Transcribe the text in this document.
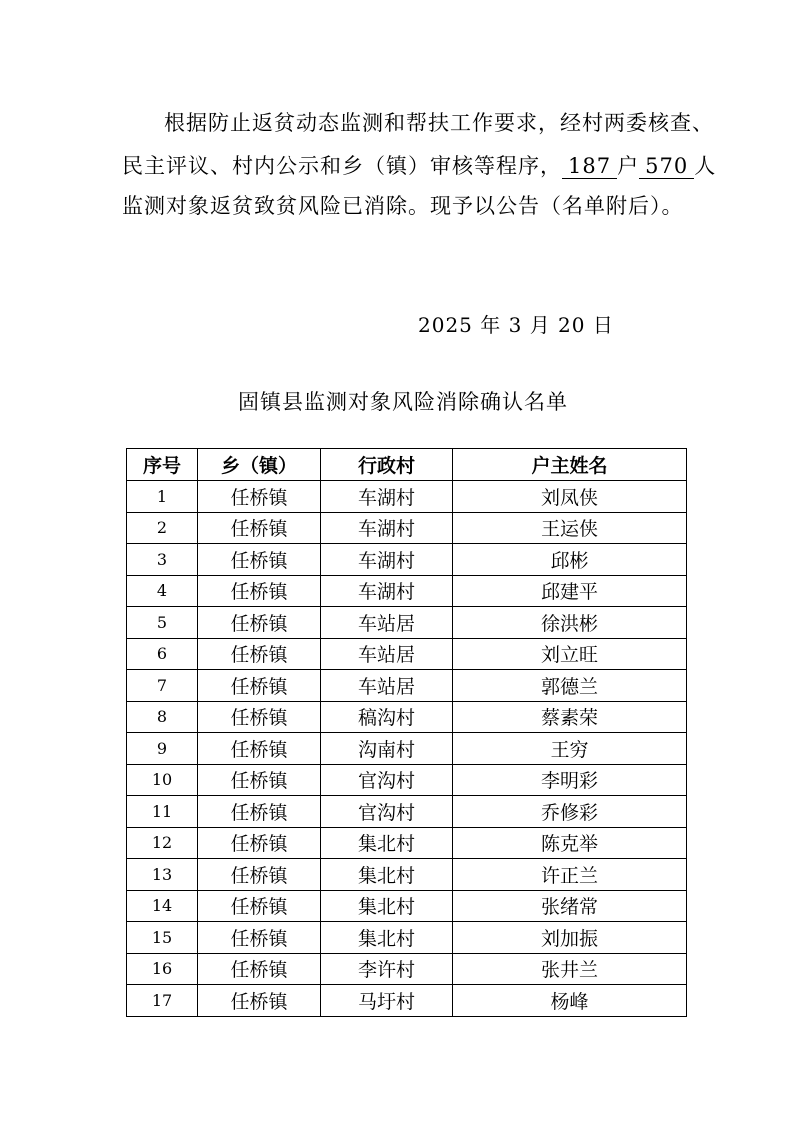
根据防止返贫动态监测和帮扶工作要求，经村两委核查、
民主评议、村内公示和乡（镇）审核等程序， 187 户 570 人
监测对象返贫致贫风险已消除。现予以公告（名单附后）。
2025 年 3 月 20 日
固镇县监测对象风险消除确认名单
序号	乡（镇）	行政村	户主姓名
1	任桥镇	车湖村	刘凤侠
2	任桥镇	车湖村	王运侠
3	任桥镇	车湖村	邱彬
4	任桥镇	车湖村	邱建平
5	任桥镇	车站居	徐洪彬
6	任桥镇	车站居	刘立旺
7	任桥镇	车站居	郭德兰
8	任桥镇	稿沟村	蔡素荣
9	任桥镇	沟南村	王穷
10	任桥镇	官沟村	李明彩
11	任桥镇	官沟村	乔修彩
12	任桥镇	集北村	陈克举
13	任桥镇	集北村	许正兰
14	任桥镇	集北村	张绪常
15	任桥镇	集北村	刘加振
16	任桥镇	李许村	张井兰
17	任桥镇	马圩村	杨峰
